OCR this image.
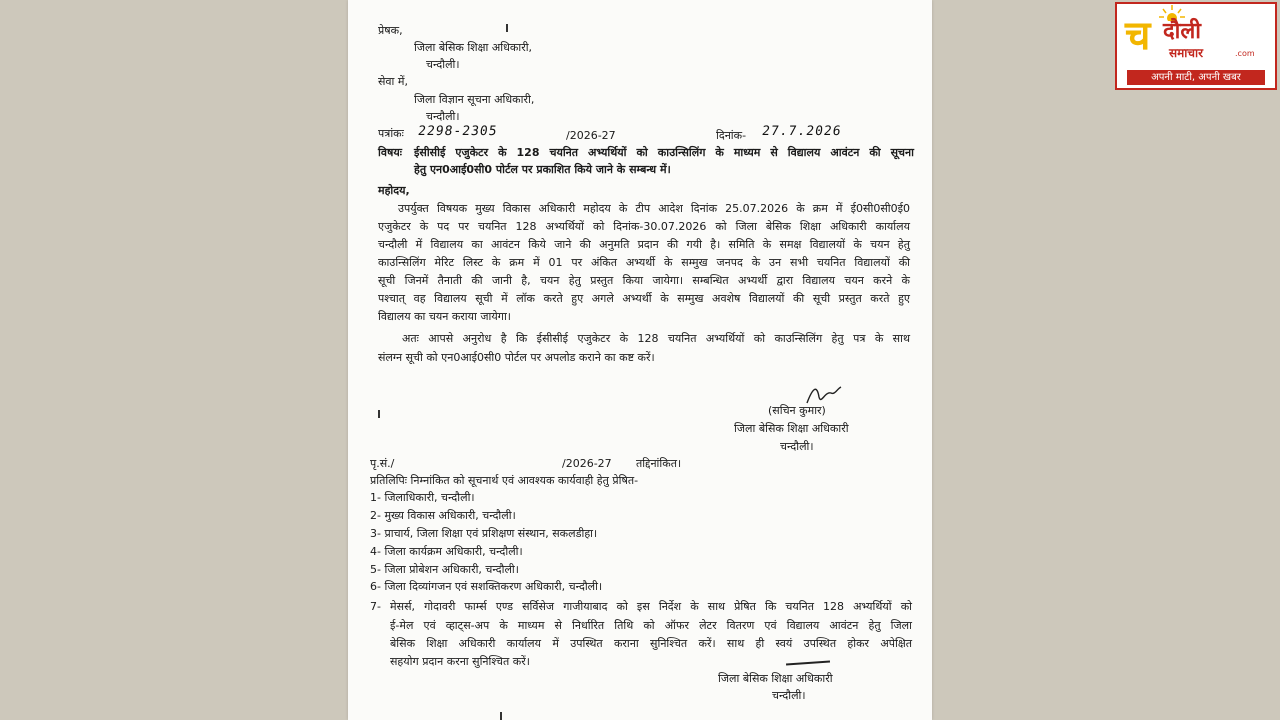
प्रेषक,
जिला बेसिक शिक्षा अधिकारी,
चन्दौली।
सेवा में,
जिला विज्ञान सूचना अधिकारी,
चन्दौली।
पत्रांकः 2298-2305	/2026-27	दिनांक- 27.7.2026
विषयः ईसीसीई एजुकेटर के 128 चयनित अभ्यर्थियों को काउन्सिलिंग के माध्यम से विद्यालय आवंटन की सूचना
हेतु एन0आई0सी0 पोर्टल पर प्रकाशित किये जाने के सम्बन्ध में।
महोदय,
उपर्युक्त विषयक मुख्य विकास अधिकारी महोदय के टीप आदेश दिनांक 25.07.2026 के क्रम में ई0सी0सी0ई0
एजुकेटर के पद पर चयनित 128 अभ्यर्थियों को दिनांक-30.07.2026 को जिला बेसिक शिक्षा अधिकारी कार्यालय
चन्दौली में विद्यालय का आवंटन किये जाने की अनुमति प्रदान की गयी है। समिति के समक्ष विद्यालयों के चयन हेतु
काउन्सिलिंग मेरिट लिस्ट के क्रम में 01 पर अंकित अभ्यर्थी के सम्मुख जनपद के उन सभी चयनित विद्यालयों की
सूची जिनमें तैनाती की जानी है, चयन हेतु प्रस्तुत किया जायेगा। सम्बन्धित अभ्यर्थी द्वारा विद्यालय चयन करने के
पश्चात् वह विद्यालय सूची में लॉक करते हुए अगले अभ्यर्थी के सम्मुख अवशेष विद्यालयों की सूची प्रस्तुत करते हुए
विद्यालय का चयन कराया जायेगा।
अतः आपसे अनुरोध है कि ईसीसीई एजुकेटर के 128 चयनित अभ्यर्थियों को काउन्सिलिंग हेतु पत्र के साथ
संलग्न सूची को एन0आई0सी0 पोर्टल पर अपलोड कराने का कष्ट करें।
(सचिन कुमार)
जिला बेसिक शिक्षा अधिकारी
चन्दौली।
पृ.सं./	/2026-27 तद्दिनांकित।
प्रतिलिपिः निम्नांकित को सूचनार्थ एवं आवश्यक कार्यवाही हेतु प्रेषित-
1- जिलाधिकारी, चन्दौली।
2- मुख्य विकास अधिकारी, चन्दौली।
3- प्राचार्य, जिला शिक्षा एवं प्रशिक्षण संस्थान, सकलडीहा।
4- जिला कार्यक्रम अधिकारी, चन्दौली।
5- जिला प्रोबेशन अधिकारी, चन्दौली।
6- जिला दिव्यांगजन एवं सशक्तिकरण अधिकारी, चन्दौली।
7- मेसर्स, गोदावरी फार्म्स एण्ड सर्विसेज गाजीयाबाद को इस निर्देश के साथ प्रेषित कि चयनित 128 अभ्यर्थियों को
ई-मेल एवं व्हाट्स-अप के माध्यम से निर्धारित तिथि को ऑफर लेटर वितरण एवं विद्यालय आवंटन हेतु जिला
बेसिक शिक्षा अधिकारी कार्यालय में उपस्थित कराना सुनिश्चित करें। साथ ही स्वयं उपस्थित होकर अपेक्षित
सहयोग प्रदान करना सुनिश्चित करें।
जिला बेसिक शिक्षा अधिकारी
चन्दौली।
च दौली
समाचार	.com
अपनी माटी, अपनी खबर
